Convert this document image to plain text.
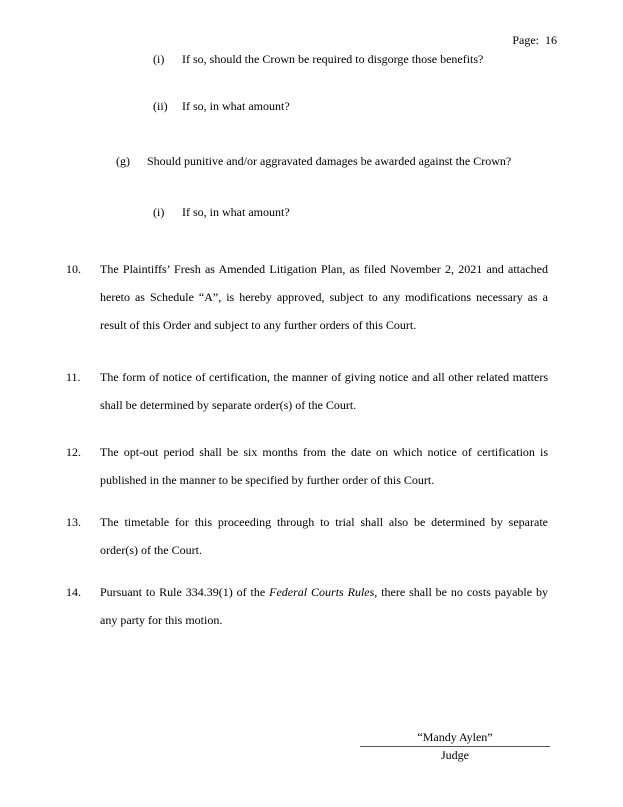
Page:  16
(i) If so, should the Crown be required to disgorge those benefits?
(ii) If so, in what amount?
(g) Should punitive and/or aggravated damages be awarded against the Crown?
(i) If so, in what amount?
10. The Plaintiffs’ Fresh as Amended Litigation Plan, as filed November 2, 2021 and attached
hereto as Schedule “A”, is hereby approved, subject to any modifications necessary as a
result of this Order and subject to any further orders of this Court.
11. The form of notice of certification, the manner of giving notice and all other related matters
shall be determined by separate order(s) of the Court.
12. The opt-out period shall be six months from the date on which notice of certification is
published in the manner to be specified by further order of this Court.
13. The timetable for this proceeding through to trial shall also be determined by separate
order(s) of the Court.
14. Pursuant to Rule 334.39(1) of the Federal Courts Rules, there shall be no costs payable by
any party for this motion.
“Mandy Aylen”
Judge
